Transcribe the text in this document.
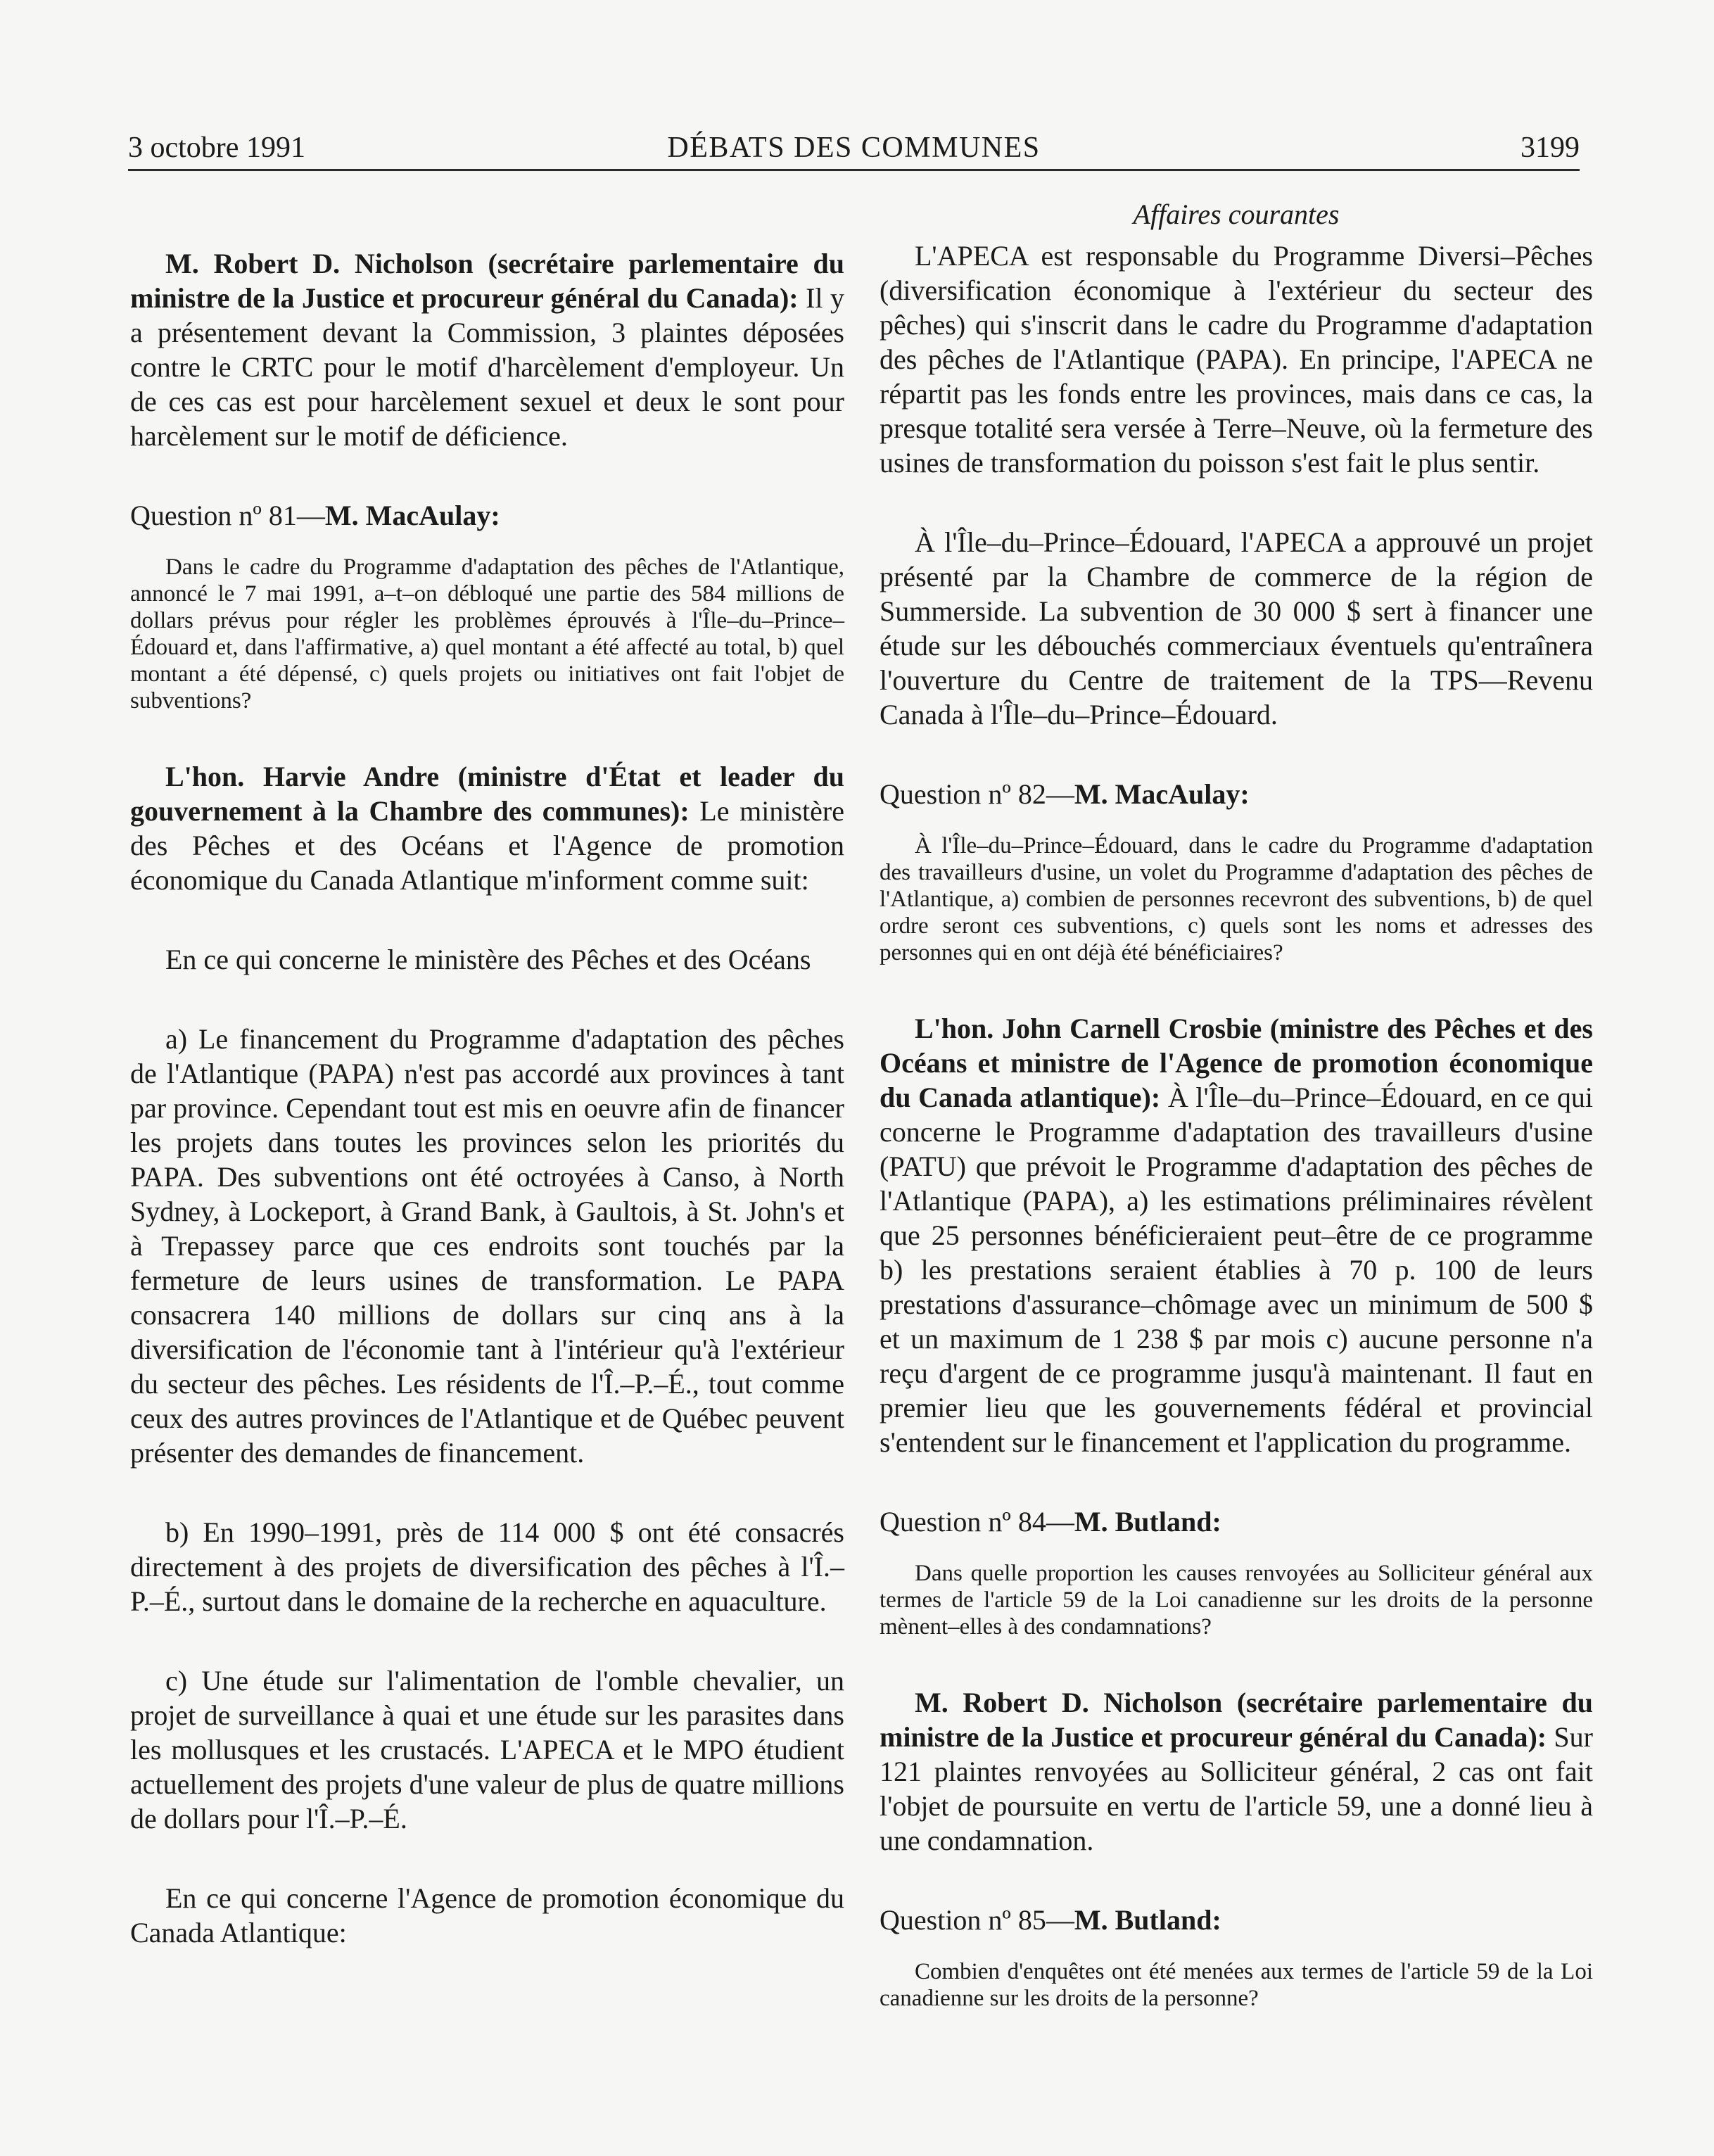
3 octobre 1991	DÉBATS DES COMMUNES	3199

M. Robert D. Nicholson (secrétaire parlementaire du ministre de la Justice et procureur général du Canada): Il y a présentement devant la Commission, 3 plaintes déposées contre le CRTC pour le motif d'harcèlement d'employeur. Un de ces cas est pour harcèlement sexuel et deux le sont pour harcèlement sur le motif de déficience.

Question nº 81—M. MacAulay:

Dans le cadre du Programme d'adaptation des pêches de l'Atlantique, annoncé le 7 mai 1991, a–t–on débloqué une partie des 584 millions de dollars prévus pour régler les problèmes éprouvés à l'Île–du–Prince–Édouard et, dans l'affirmative, a) quel montant a été affecté au total, b) quel montant a été dépensé, c) quels projets ou initiatives ont fait l'objet de subventions?

L'hon. Harvie Andre (ministre d'État et leader du gouvernement à la Chambre des communes): Le ministère des Pêches et des Océans et l'Agence de promotion économique du Canada Atlantique m'informent comme suit:

En ce qui concerne le ministère des Pêches et des Océans

a) Le financement du Programme d'adaptation des pêches de l'Atlantique (PAPA) n'est pas accordé aux provinces à tant par province. Cependant tout est mis en oeuvre afin de financer les projets dans toutes les provinces selon les priorités du PAPA. Des subventions ont été octroyées à Canso, à North Sydney, à Lockeport, à Grand Bank, à Gaultois, à St. John's et à Trepassey parce que ces endroits sont touchés par la fermeture de leurs usines de transformation. Le PAPA consacrera 140 millions de dollars sur cinq ans à la diversification de l'économie tant à l'intérieur qu'à l'extérieur du secteur des pêches. Les résidents de l'Î.–P.–É., tout comme ceux des autres provinces de l'Atlantique et de Québec peuvent présenter des demandes de financement.

b) En 1990–1991, près de 114 000 $ ont été consacrés directement à des projets de diversification des pêches à l'Î.–P.–É., surtout dans le domaine de la recherche en aquaculture.

c) Une étude sur l'alimentation de l'omble chevalier, un projet de surveillance à quai et une étude sur les parasites dans les mollusques et les crustacés. L'APECA et le MPO étudient actuellement des projets d'une valeur de plus de quatre millions de dollars pour l'Î.–P.–É.

En ce qui concerne l'Agence de promotion économique du Canada Atlantique:

Affaires courantes

L'APECA est responsable du Programme Diversi–Pêches (diversification économique à l'extérieur du secteur des pêches) qui s'inscrit dans le cadre du Programme d'adaptation des pêches de l'Atlantique (PAPA). En principe, l'APECA ne répartit pas les fonds entre les provinces, mais dans ce cas, la presque totalité sera versée à Terre–Neuve, où la fermeture des usines de transformation du poisson s'est fait le plus sentir.

À l'Île–du–Prince–Édouard, l'APECA a approuvé un projet présenté par la Chambre de commerce de la région de Summerside. La subvention de 30 000 $ sert à financer une étude sur les débouchés commerciaux éventuels qu'entraînera l'ouverture du Centre de traitement de la TPS—Revenu Canada à l'Île–du–Prince–Édouard.

Question nº 82—M. MacAulay:

À l'Île–du–Prince–Édouard, dans le cadre du Programme d'adaptation des travailleurs d'usine, un volet du Programme d'adaptation des pêches de l'Atlantique, a) combien de personnes recevront des subventions, b) de quel ordre seront ces subventions, c) quels sont les noms et adresses des personnes qui en ont déjà été bénéficiaires?

L'hon. John Carnell Crosbie (ministre des Pêches et des Océans et ministre de l'Agence de promotion économique du Canada atlantique): À l'Île–du–Prince–Édouard, en ce qui concerne le Programme d'adaptation des travailleurs d'usine (PATU) que prévoit le Programme d'adaptation des pêches de l'Atlantique (PAPA), a) les estimations préliminaires révèlent que 25 personnes bénéficieraient peut–être de ce programme b) les prestations seraient établies à 70 p. 100 de leurs prestations d'assurance–chômage avec un minimum de 500 $ et un maximum de 1 238 $ par mois c) aucune personne n'a reçu d'argent de ce programme jusqu'à maintenant. Il faut en premier lieu que les gouvernements fédéral et provincial s'entendent sur le financement et l'application du programme.

Question nº 84—M. Butland:

Dans quelle proportion les causes renvoyées au Solliciteur général aux termes de l'article 59 de la Loi canadienne sur les droits de la personne mènent–elles à des condamnations?

M. Robert D. Nicholson (secrétaire parlementaire du ministre de la Justice et procureur général du Canada): Sur 121 plaintes renvoyées au Solliciteur général, 2 cas ont fait l'objet de poursuite en vertu de l'article 59, une a donné lieu à une condamnation.

Question nº 85—M. Butland:

Combien d'enquêtes ont été menées aux termes de l'article 59 de la Loi canadienne sur les droits de la personne?
